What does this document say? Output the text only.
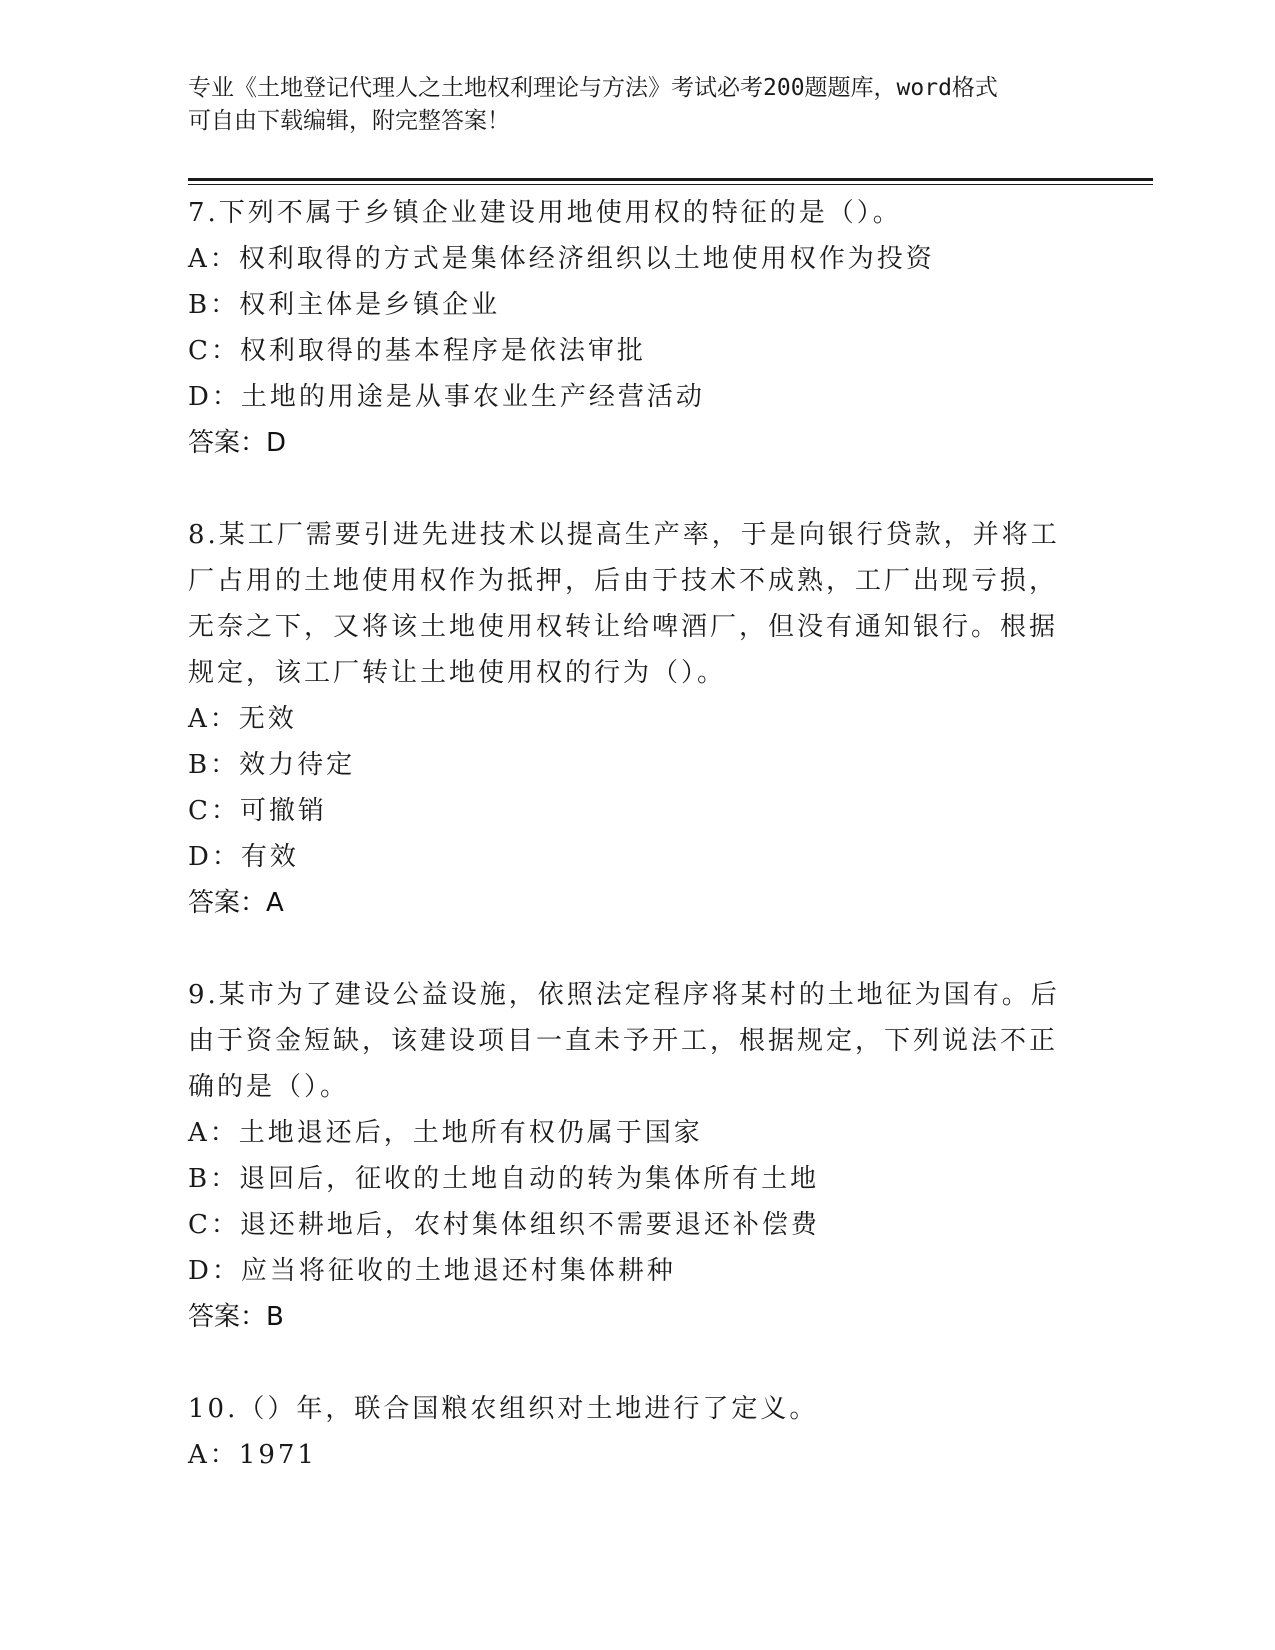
专业《土地登记代理人之土地权利理论与方法》考试必考200题题库，word格式
可自由下载编辑，附完整答案！

7.下列不属于乡镇企业建设用地使用权的特征的是（）。

A：权利取得的方式是集体经济组织以土地使用权作为投资

B：权利主体是乡镇企业

C：权利取得的基本程序是依法审批

D：土地的用途是从事农业生产经营活动

答案：D

8.某工厂需要引进先进技术以提高生产率，于是向银行贷款，并将工

厂占用的土地使用权作为抵押，后由于技术不成熟，工厂出现亏损，

无奈之下，又将该土地使用权转让给啤酒厂，但没有通知银行。根据

规定，该工厂转让土地使用权的行为（）。

A：无效

B：效力待定

C：可撤销

D：有效

答案：A

9.某市为了建设公益设施，依照法定程序将某村的土地征为国有。后

由于资金短缺，该建设项目一直未予开工，根据规定，下列说法不正

确的是（）。

A：土地退还后，土地所有权仍属于国家

B：退回后，征收的土地自动的转为集体所有土地

C：退还耕地后，农村集体组织不需要退还补偿费

D：应当将征收的土地退还村集体耕种

答案：B

10.（）年，联合国粮农组织对土地进行了定义。

A：1971
